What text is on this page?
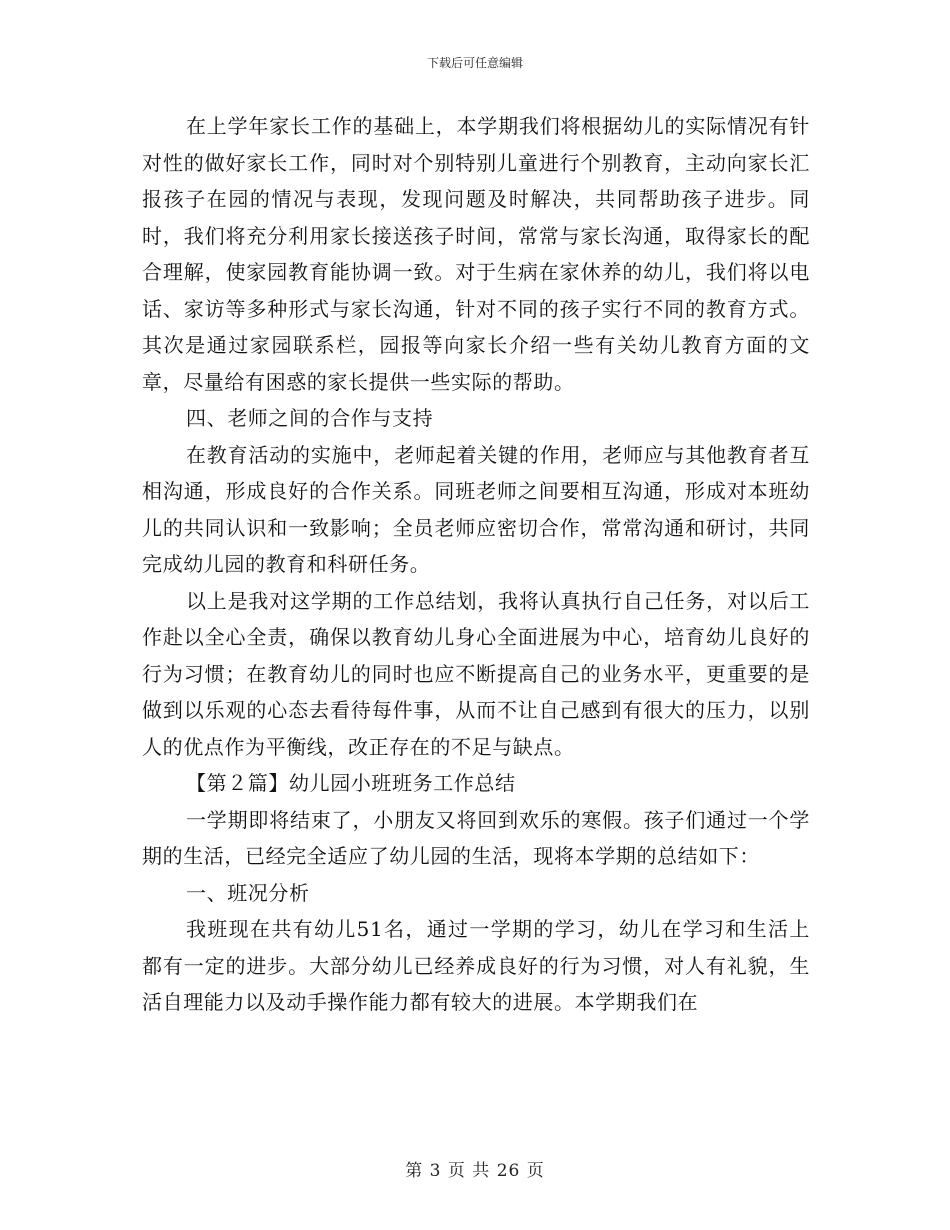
下载后可任意编辑

在上学年家长工作的基础上，本学期我们将根据幼儿的实际情况有针对性的做好家长工作，同时对个别特别儿童进行个别教育，主动向家长汇报孩子在园的情况与表现，发现问题及时解决，共同帮助孩子进步。同时，我们将充分利用家长接送孩子时间，常常与家长沟通，取得家长的配合理解，使家园教育能协调一致。对于生病在家休养的幼儿，我们将以电话、家访等多种形式与家长沟通，针对不同的孩子实行不同的教育方式。其次是通过家园联系栏，园报等向家长介绍一些有关幼儿教育方面的文章，尽量给有困惑的家长提供一些实际的帮助。

四、老师之间的合作与支持

在教育活动的实施中，老师起着关键的作用，老师应与其他教育者互相沟通，形成良好的合作关系。同班老师之间要相互沟通，形成对本班幼儿的共同认识和一致影响；全员老师应密切合作，常常沟通和研讨，共同完成幼儿园的教育和科研任务。

以上是我对这学期的工作总结划，我将认真执行自己任务，对以后工作赴以全心全责，确保以教育幼儿身心全面进展为中心，培育幼儿良好的行为习惯；在教育幼儿的同时也应不断提高自己的业务水平，更重要的是做到以乐观的心态去看待每件事，从而不让自己感到有很大的压力，以别人的优点作为平衡线，改正存在的不足与缺点。

【第２篇】幼儿园小班班务工作总结

一学期即将结束了，小朋友又将回到欢乐的寒假。孩子们通过一个学期的生活，已经完全适应了幼儿园的生活，现将本学期的总结如下：

一、班况分析

我班现在共有幼儿51名，通过一学期的学习，幼儿在学习和生活上都有一定的进步。大部分幼儿已经养成良好的行为习惯，对人有礼貌，生活自理能力以及动手操作能力都有较大的进展。本学期我们在

第 3 页 共 26 页
